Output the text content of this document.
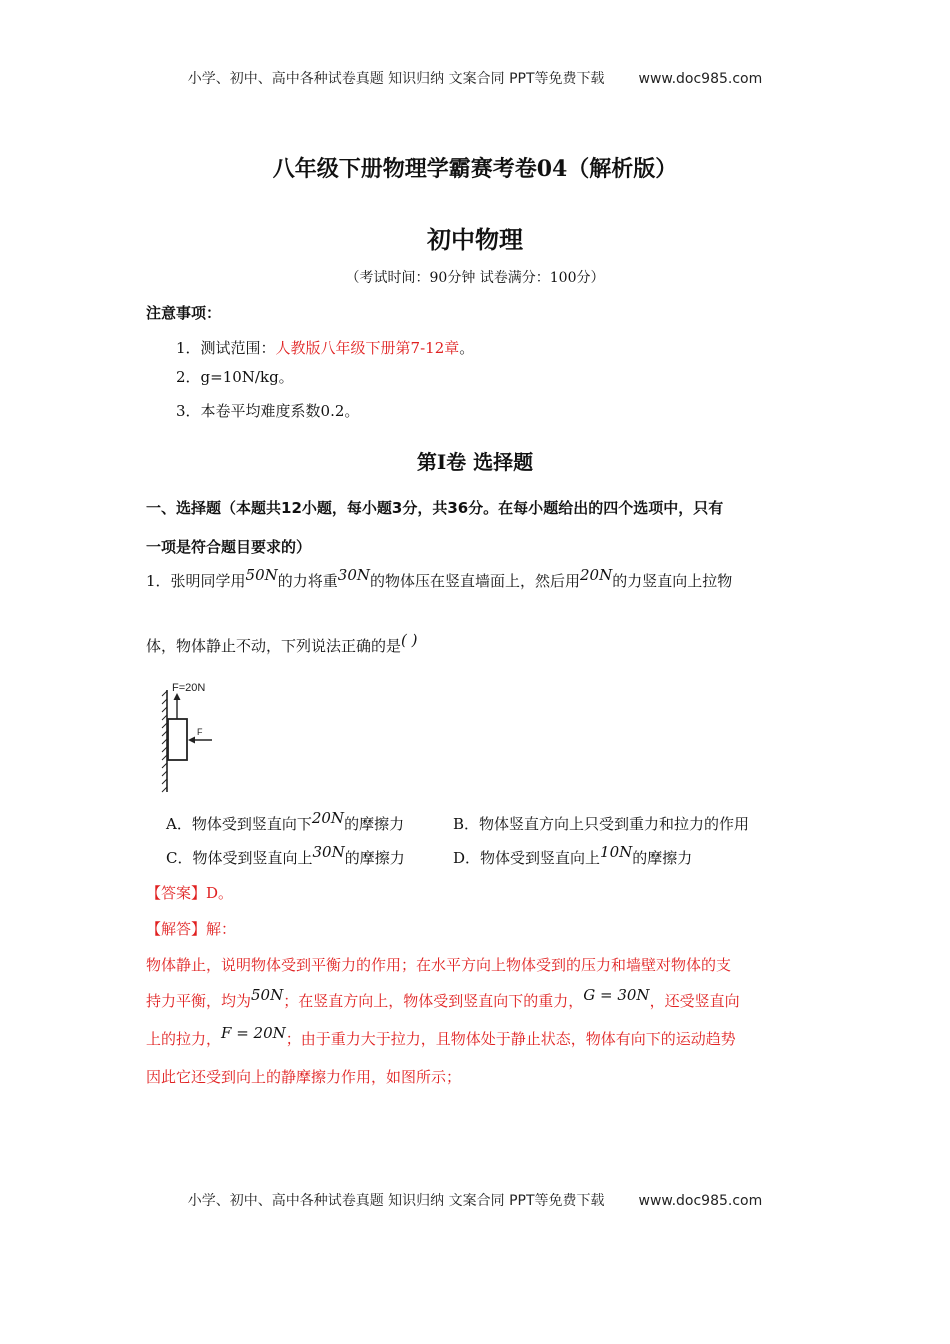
小学、初中、高中各种试卷真题 知识归纳 文案合同 PPT等免费下载 www.doc985.com
八年级下册物理学霸赛考卷04（解析版）
初中物理
（考试时间：90分钟 试卷满分：100分）
注意事项：
1．测试范围：人教版八年级下册第7-12章。
2．g=10N/kg。
3．本卷平均难度系数0.2。
第Ⅰ卷 选择题
一、选择题（本题共12小题，每小题3分，共36分。在每小题给出的四个选项中，只有
一项是符合题目要求的）
1．张明同学用50N的力将重30N的物体压在竖直墙面上，然后用20N的力竖直向上拉物
体，物体静止不动，下列说法正确的是( )
F=20N
F
A．物体受到竖直向下20N的摩擦力	B．物体竖直方向上只受到重力和拉力的作用
C．物体受到竖直向上30N的摩擦力	D．物体受到竖直向上10N的摩擦力
【答案】D。
【解答】解：
物体静止，说明物体受到平衡力的作用；在水平方向上物体受到的压力和墙壁对物体的支
持力平衡，均为50N；在竖直方向上，物体受到竖直向下的重力，G = 30N，还受竖直向
上的拉力，F = 20N；由于重力大于拉力，且物体处于静止状态，物体有向下的运动趋势
因此它还受到向上的静摩擦力作用，如图所示；
小学、初中、高中各种试卷真题 知识归纳 文案合同 PPT等免费下载 www.doc985.com
